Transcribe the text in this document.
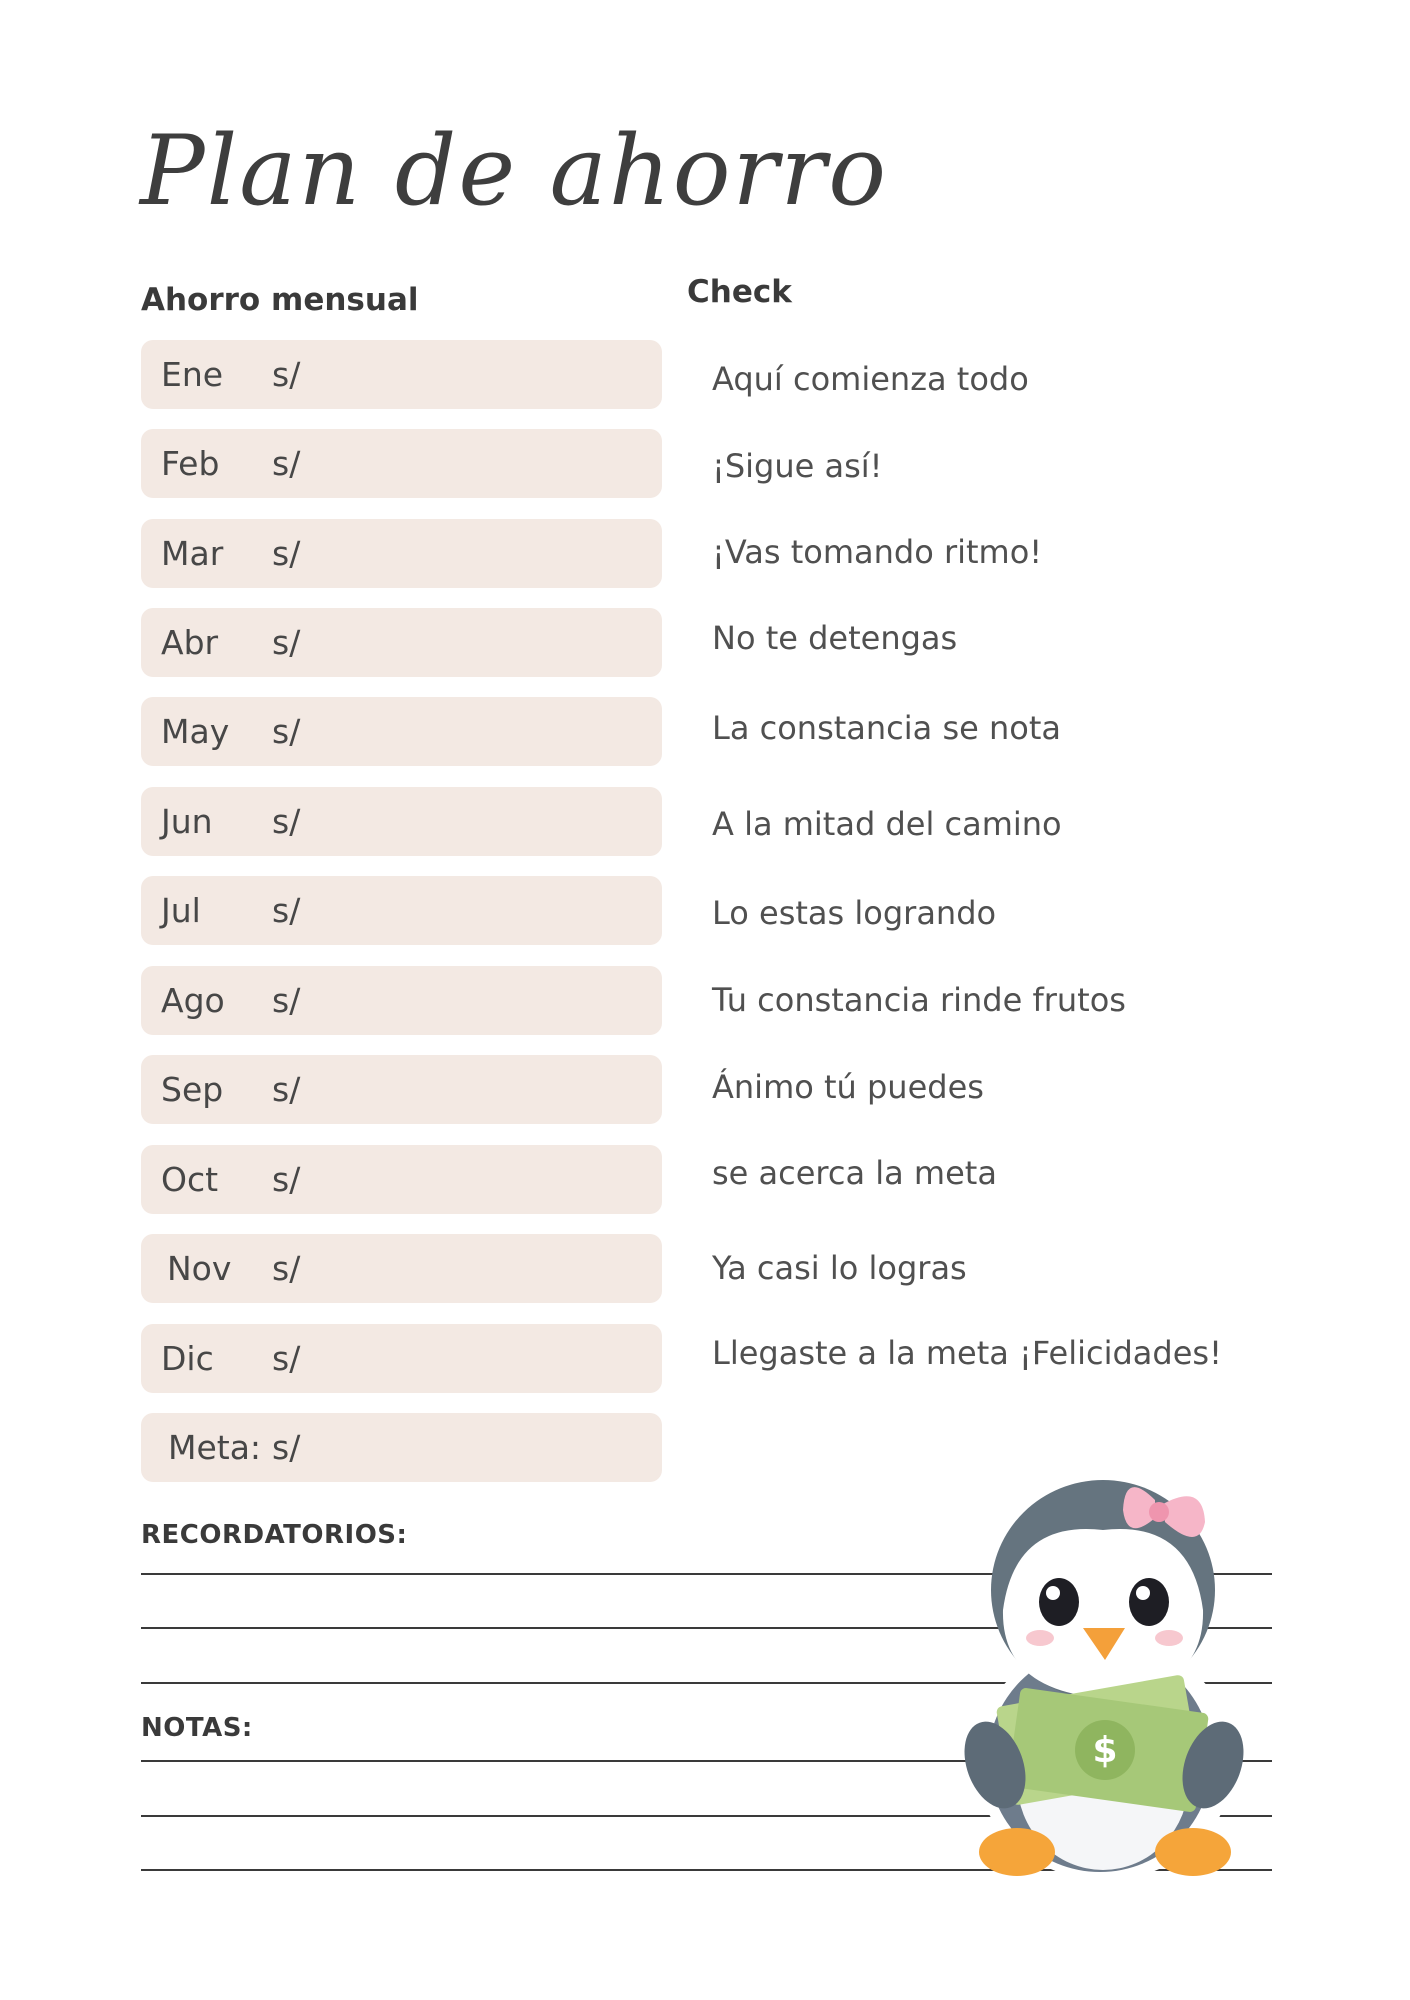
Plan de ahorro
Ahorro mensual	Check
Ene s/
Feb s/
Mar s/
Abr s/
May s/
Jun s/
Jul s/
Ago s/
Sep s/
Oct s/
Nov s/
Dic s/
Meta: s/
Aquí comienza todo
¡Sigue así!
¡Vas tomando ritmo!
No te detengas
La constancia se nota
A la mitad del camino
Lo estas logrando
Tu constancia rinde frutos
Ánimo tú puedes
se acerca la meta
Ya casi lo logras
Llegaste a la meta ¡Felicidades!
RECORDATORIOS:
NOTAS:
$
